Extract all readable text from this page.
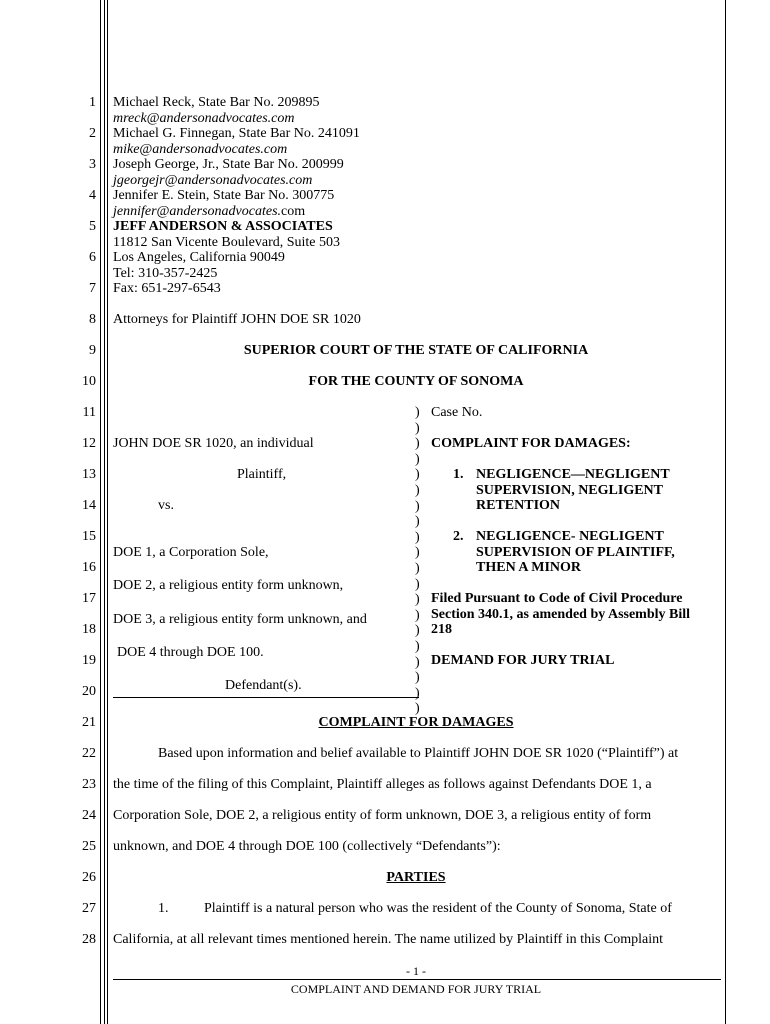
1
2
3
4
5
6
7
8
9
10
11
12
13
14
15
16
17
18
19
20
21
22
23
24
25
26
27
28
Michael Reck, State Bar No. 209895
mreck@andersonadvocates.com
Michael G. Finnegan, State Bar No. 241091
mike@andersonadvocates.com
Joseph George, Jr., State Bar No. 200999
jgeorgejr@andersonadvocates.com
Jennifer E. Stein, State Bar No. 300775
jennifer@andersonadvocates.com
JEFF ANDERSON & ASSOCIATES
11812 San Vicente Boulevard, Suite 503
Los Angeles, California 90049
Tel: 310-357-2425
Fax: 651-297-6543
Attorneys for Plaintiff JOHN DOE SR 1020
SUPERIOR COURT OF THE STATE OF CALIFORNIA
FOR THE COUNTY OF SONOMA
JOHN DOE SR 1020, an individual
Plaintiff,
vs.
DOE 1, a Corporation Sole,
DOE 2, a religious entity form unknown,
DOE 3, a religious entity form unknown, and
DOE 4 through DOE 100.
Defendant(s).
)
)
)
)
)
)
)
)
)
)
)
)
)
)
)
)
)
)
)
)
Case No.
COMPLAINT FOR DAMAGES:
1. NEGLIGENCE—NEGLIGENT
SUPERVISION, NEGLIGENT
RETENTION
2. NEGLIGENCE- NEGLIGENT
SUPERVISION OF PLAINTIFF,
THEN A MINOR
Filed Pursuant to Code of Civil Procedure
Section 340.1, as amended by Assembly Bill
218
DEMAND FOR JURY TRIAL
COMPLAINT FOR DAMAGES
Based upon information and belief available to Plaintiff JOHN DOE SR 1020 (“Plaintiff”) at
the time of the filing of this Complaint, Plaintiff alleges as follows against Defendants DOE 1, a
Corporation Sole, DOE 2, a religious entity of form unknown, DOE 3, a religious entity of form
unknown, and DOE 4 through DOE 100 (collectively “Defendants”):
PARTIES
1.	Plaintiff is a natural person who was the resident of the County of Sonoma, State of
California, at all relevant times mentioned herein. The name utilized by Plaintiff in this Complaint
- 1 -
COMPLAINT AND DEMAND FOR JURY TRIAL
